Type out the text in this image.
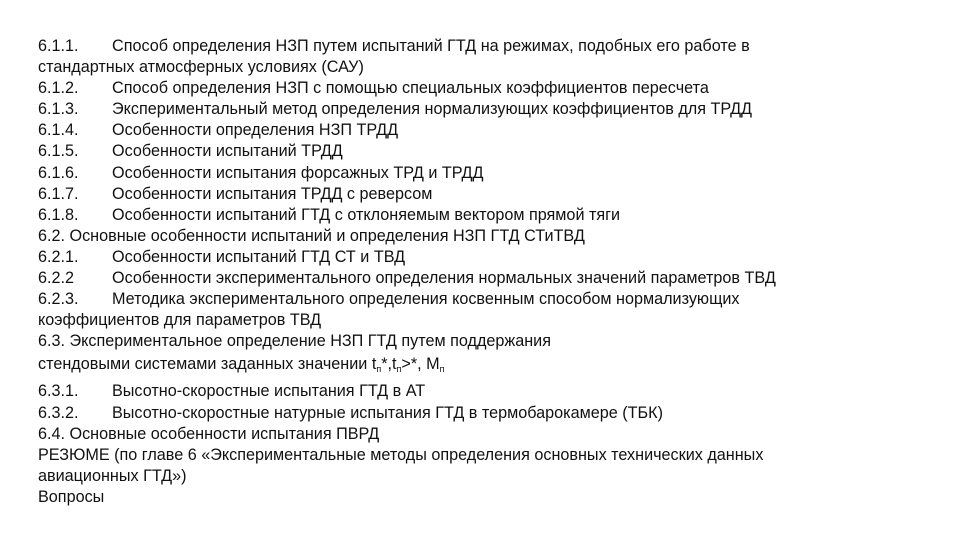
6.1.1. Способ определения НЗП путем испытаний ГТД на режимах, подобных его работе в
стандартных атмосферных условиях (САУ)
6.1.2. Способ определения НЗП с помощью специальных коэффициентов пересчета
6.1.3. Экспериментальный метод определения нормализующих коэффициентов для ТРДД
6.1.4. Особенности определения НЗП ТРДД
6.1.5. Особенности испытаний ТРДД
6.1.6. Особенности испытания форсажных ТРД и ТРДД
6.1.7. Особенности испытания ТРДД с реверсом
6.1.8. Особенности испытаний ГТД с отклоняемым вектором прямой тяги
6.2. Основные особенности испытаний и определения НЗП ГТД СТиТВД
6.2.1. Особенности испытаний ГТД СТ и ТВД
6.2.2 Особенности экспериментального определения нормальных значений параметров ТВД
6.2.3. Методика экспериментального определения косвенным способом нормализующих
коэффициентов для параметров ТВД
6.3. Экспериментальное определение НЗП ГТД путем поддержания
стендовыми системами заданных значении $t_п*,t_п>*$, $M_п$
6.3.1. Высотно-скоростные испытания ГТД в АТ
6.3.2. Высотно-скоростные натурные испытания ГТД в термобарокамере (ТБК)
6.4. Основные особенности испытания ПВРД
РЕЗЮМЕ (по главе 6 «Экспериментальные методы определения основных технических данных
авиационных ГТД»)
Вопросы
